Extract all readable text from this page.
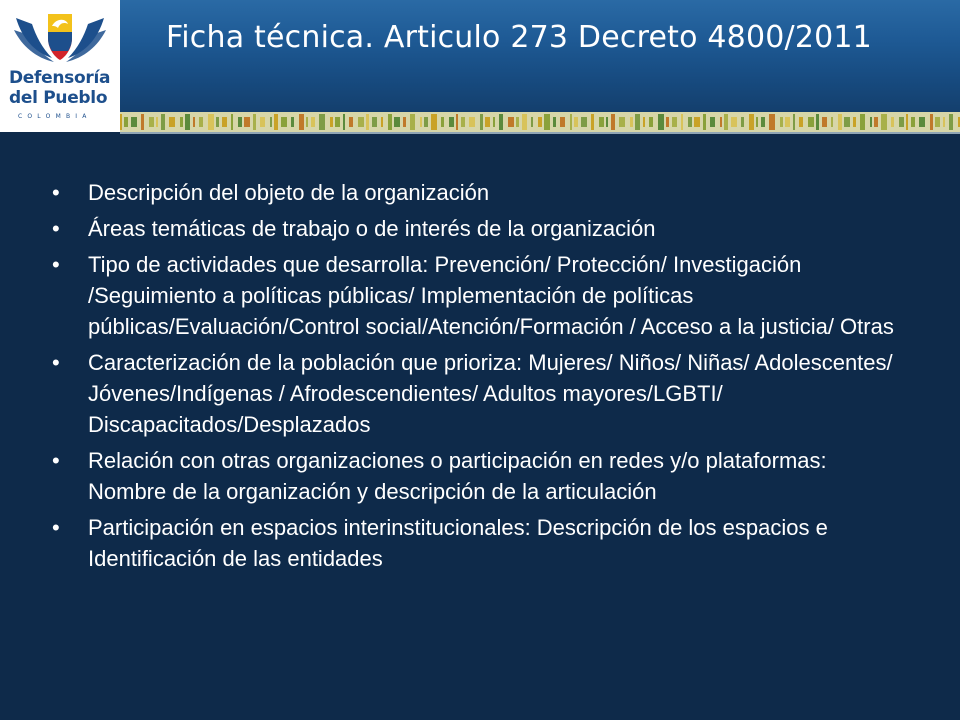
Ficha técnica. Articulo 273 Decreto 4800/2011
Defensoría
del Pueblo
COLOMBIA
• Descripción del objeto de la organización
• Áreas temáticas de trabajo o de interés de la organización
• Tipo de actividades que desarrolla: Prevención/ Protección/ Investigación /Seguimiento a políticas públicas/ Implementación de políticas públicas/Evaluación/Control social/Atención/Formación / Acceso a la justicia/ Otras
• Caracterización de la población que prioriza: Mujeres/ Niños/ Niñas/ Adolescentes/ Jóvenes/Indígenas / Afrodescendientes/ Adultos mayores/LGBTI/ Discapacitados/Desplazados
• Relación con otras organizaciones o participación en redes y/o plataformas: Nombre de la organización y descripción de la articulación
• Participación en espacios interinstitucionales: Descripción de los espacios e Identificación de las entidades
